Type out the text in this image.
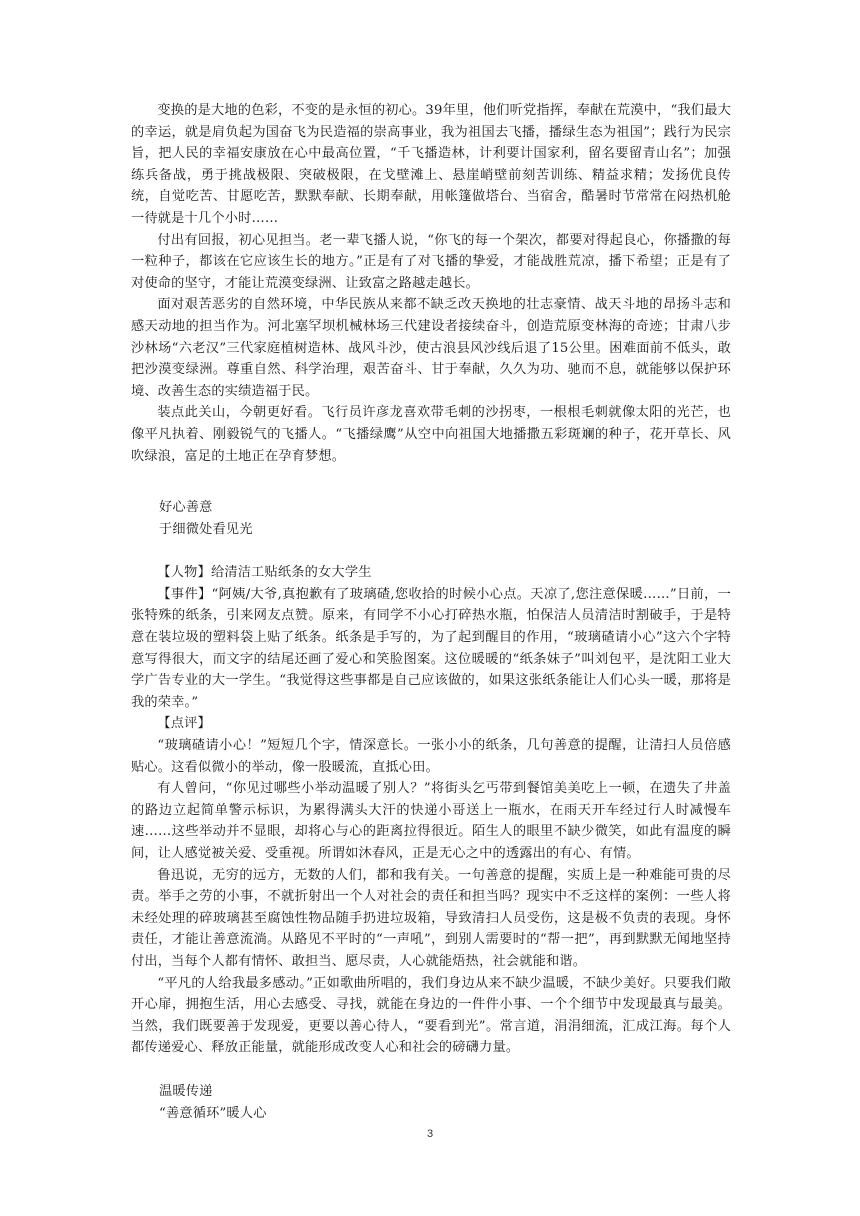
变换的是大地的色彩，不变的是永恒的初心。39年里，他们听党指挥，奉献在荒漠中，“我们最大的幸运，就是肩负起为国奋飞为民造福的崇高事业，我为祖国去飞播，播绿生态为祖国”；践行为民宗旨，把人民的幸福安康放在心中最高位置，“千飞播造林，计利要计国家利，留名要留青山名”；加强练兵备战，勇于挑战极限、突破极限，在戈壁滩上、悬崖峭壁前刻苦训练、精益求精；发扬优良传统，自觉吃苦、甘愿吃苦，默默奉献、长期奉献，用帐篷做塔台、当宿舍，酷暑时节常常在闷热机舱一待就是十几个小时……

付出有回报，初心见担当。老一辈飞播人说，“你飞的每一个架次，都要对得起良心，你播撒的每一粒种子，都该在它应该生长的地方。”正是有了对飞播的挚爱，才能战胜荒凉，播下希望；正是有了对使命的坚守，才能让荒漠变绿洲、让致富之路越走越长。

面对艰苦恶劣的自然环境，中华民族从来都不缺乏改天换地的壮志豪情、战天斗地的昂扬斗志和感天动地的担当作为。河北塞罕坝机械林场三代建设者接续奋斗，创造荒原变林海的奇迹；甘肃八步沙林场“六老汉”三代家庭植树造林、战风斗沙，使古浪县风沙线后退了15公里。困难面前不低头，敢把沙漠变绿洲。尊重自然、科学治理，艰苦奋斗、甘于奉献，久久为功、驰而不息，就能够以保护环境、改善生态的实绩造福于民。

装点此关山，今朝更好看。飞行员许彦龙喜欢带毛刺的沙拐枣，一根根毛刺就像太阳的光芒，也像平凡执着、刚毅锐气的飞播人。“飞播绿鹰”从空中向祖国大地播撒五彩斑斓的种子，花开草长、风吹绿浪，富足的土地正在孕育梦想。

好心善意
于细微处看见光

【人物】给清洁工贴纸条的女大学生

【事件】“阿姨/大爷,真抱歉有了玻璃碴,您收拾的时候小心点。天凉了,您注意保暖……”日前，一张特殊的纸条，引来网友点赞。原来，有同学不小心打碎热水瓶，怕保洁人员清洁时割破手，于是特意在装垃圾的塑料袋上贴了纸条。纸条是手写的，为了起到醒目的作用，“玻璃碴请小心”这六个字特意写得很大，而文字的结尾还画了爱心和笑脸图案。这位暖暖的“纸条妹子”叫刘包平，是沈阳工业大学广告专业的大一学生。“我觉得这些事都是自己应该做的，如果这张纸条能让人们心头一暖，那将是我的荣幸。”

【点评】

“玻璃碴请小心！”短短几个字，情深意长。一张小小的纸条，几句善意的提醒，让清扫人员倍感贴心。这看似微小的举动，像一股暖流，直抵心田。

有人曾问，“你见过哪些小举动温暖了别人？”将街头乞丐带到餐馆美美吃上一顿，在遗失了井盖的路边立起简单警示标识，为累得满头大汗的快递小哥送上一瓶水，在雨天开车经过行人时减慢车速……这些举动并不显眼，却将心与心的距离拉得很近。陌生人的眼里不缺少微笑，如此有温度的瞬间，让人感觉被关爱、受重视。所谓如沐春风，正是无心之中的透露出的有心、有情。

鲁迅说，无穷的远方，无数的人们，都和我有关。一句善意的提醒，实质上是一种难能可贵的尽责。举手之劳的小事，不就折射出一个人对社会的责任和担当吗？现实中不乏这样的案例：一些人将未经处理的碎玻璃甚至腐蚀性物品随手扔进垃圾箱，导致清扫人员受伤，这是极不负责的表现。身怀责任，才能让善意流淌。从路见不平时的“一声吼”，到别人需要时的“帮一把”，再到默默无闻地坚持付出，当每个人都有情怀、敢担当、愿尽责，人心就能焐热，社会就能和谐。

“平凡的人给我最多感动。”正如歌曲所唱的，我们身边从来不缺少温暖，不缺少美好。只要我们敞开心扉，拥抱生活，用心去感受、寻找，就能在身边的一件件小事、一个个细节中发现最真与最美。当然，我们既要善于发现爱，更要以善心待人，“要看到光”。常言道，涓涓细流，汇成江海。每个人都传递爱心、释放正能量，就能形成改变人心和社会的磅礴力量。

温暖传递
“善意循环”暖人心
3
